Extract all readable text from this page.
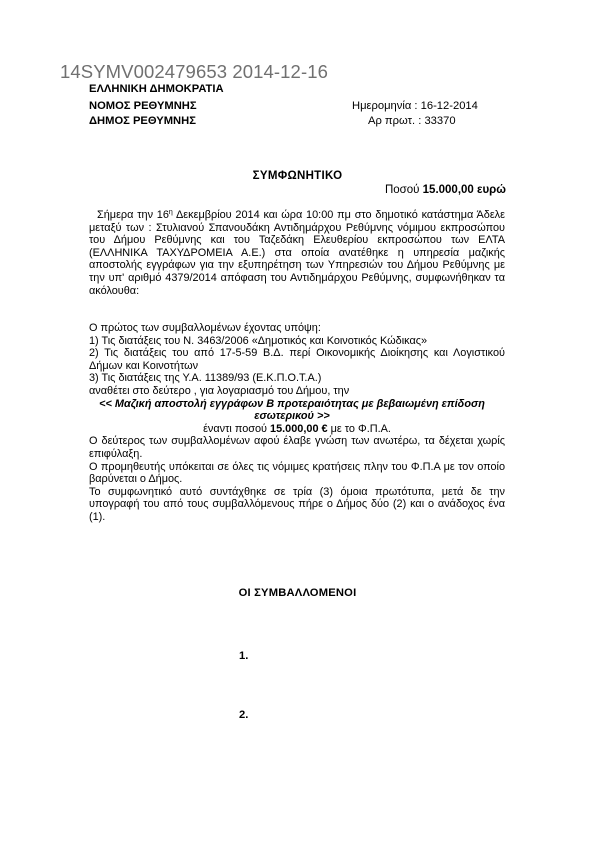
14SYMV002479653 2014-12-16
ΕΛΛΗΝΙΚΗ ΔΗΜΟΚΡΑΤΙΑ
ΝΟΜΟΣ ΡΕΘΥΜΝΗΣ
ΔΗΜΟΣ ΡΕΘΥΜΝΗΣ
Ημερομηνία : 16-12-2014
Αρ πρωτ. : 33370
ΣΥΜΦΩΝΗΤΙΚΟ
Ποσού 15.000,00 ευρώ
Σήμερα την $16^\eta$ Δεκεμβρίου 2014 και ώρα 10:00 πμ στο δημοτικό κατάστημα Άδελε μεταξύ των : Στυλιανού Σπανουδάκη Αντιδημάρχου Ρεθύμνης νόμιμου εκπροσώπου του Δήμου Ρεθύμνης και του Ταζεδάκη Ελευθερίου εκπροσώπου των ΕΛΤΑ (ΕΛΛΗΝΙΚΑ ΤΑΧΥΔΡΟΜΕΙΑ Α.Ε.) στα οποία ανατέθηκε η υπηρεσία μαζικής αποστολής εγγράφων για την εξυπηρέτηση των Υπηρεσιών του Δήμου Ρεθύμνης με την υπ' αριθμό 4379/2014 απόφαση του Αντιδημάρχου Ρεθύμνης, συμφωνήθηκαν τα ακόλουθα:

Ο πρώτος των συμβαλλομένων έχοντας υπόψη:

1) Τις διατάξεις του Ν. 3463/2006 «Δημοτικός και Κοινοτικός Κώδικας»

2) Τις διατάξεις του από 17-5-59 Β.Δ. περί Οικονομικής Διοίκησης και Λογιστικού Δήμων και Κοινοτήτων

3) Τις διατάξεις της Υ.Α. 11389/93 (Ε.Κ.Π.Ο.Τ.Α.)

αναθέτει στο δεύτερο , για λογαριασμό του Δήμου, την

<< Μαζική αποστολή εγγράφων Β προτεραιότητας με βεβαιωμένη επίδοση εσωτερικού >>

έναντι ποσού 15.000,00 € με το Φ.Π.Α.

Ο δεύτερος των συμβαλλομένων αφού έλαβε γνώση των ανωτέρω, τα δέχεται χωρίς επιφύλαξη.

Ο προμηθευτής υπόκειται σε όλες τις νόμιμες κρατήσεις πλην του Φ.Π.Α με τον οποίο βαρύνεται ο Δήμος.

Το συμφωνητικό αυτό συντάχθηκε σε τρία (3) όμοια πρωτότυπα, μετά δε την υπογραφή του από τους συμβαλλόμενους πήρε ο Δήμος δύο (2) και ο ανάδοχος ένα (1).

ΟΙ ΣΥΜΒΑΛΛΟΜΕΝΟΙ
1.
2.
